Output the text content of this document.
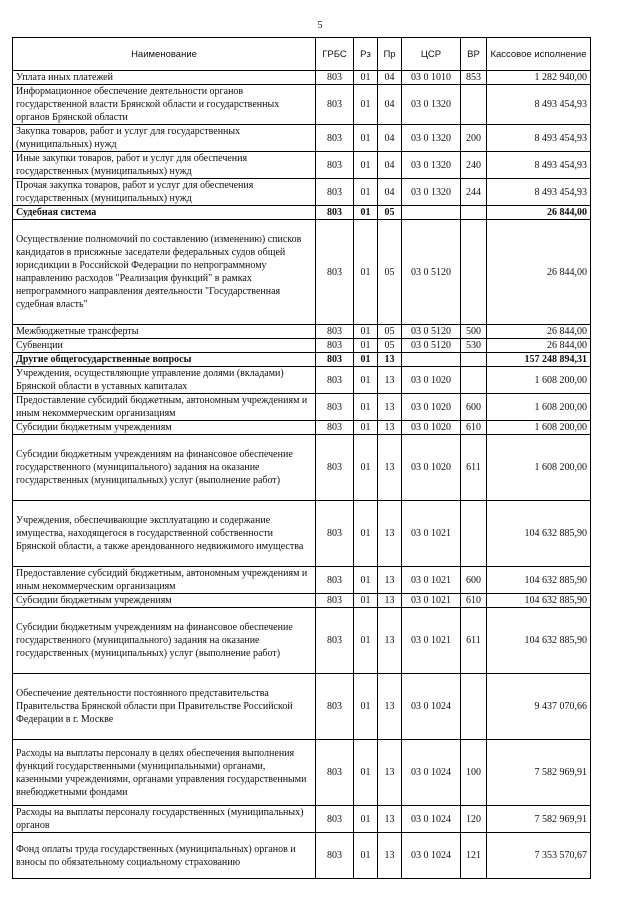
5
Наименование	ГРБС	Рз	Пр	ЦСР	ВР	Кассовое исполнение
Уплата иных платежей	803	01	04	03 0 1010	853	1 282 940,00
Информационное обеспечение деятельности органов государственной власти Брянской области и государственных органов Брянской области	803	01	04	03 0 1320		8 493 454,93
Закупка товаров, работ и услуг для государственных (муниципальных) нужд	803	01	04	03 0 1320	200	8 493 454,93
Иные закупки товаров, работ и услуг для обеспечения государственных (муниципальных) нужд	803	01	04	03 0 1320	240	8 493 454,93
Прочая закупка товаров, работ и услуг для обеспечения государственных (муниципальных) нужд	803	01	04	03 0 1320	244	8 493 454,93
Судебная система	803	01	05			26 844,00
Осуществление полномочий по составлению (изменению) списков кандидатов в присяжные заседатели федеральных судов общей юрисдикции в Российской Федерации по непрограммному направлению расходов "Реализация функций" в рамках непрограммного направления деятельности "Государственная судебная власть"	803	01	05	03 0 5120		26 844,00
Межбюджетные трансферты	803	01	05	03 0 5120	500	26 844,00
Субвенции	803	01	05	03 0 5120	530	26 844,00
Другие общегосударственные вопросы	803	01	13			157 248 894,31
Учреждения, осуществляющие управление долями (вкладами) Брянской области в уставных капиталах	803	01	13	03 0 1020		1 608 200,00
Предоставление субсидий бюджетным, автономным учреждениям и иным некоммерческим организациям	803	01	13	03 0 1020	600	1 608 200,00
Субсидии бюджетным учреждениям	803	01	13	03 0 1020	610	1 608 200,00
Субсидии бюджетным учреждениям на финансовое обеспечение государственного (муниципального) задания на оказание государственных (муниципальных) услуг (выполнение работ)	803	01	13	03 0 1020	611	1 608 200,00
Учреждения, обеспечивающие эксплуатацию и содержание имущества, находящегося в государственной собственности Брянской области, а также арендованного недвижимого имущества	803	01	13	03 0 1021		104 632 885,90
Предоставление субсидий бюджетным, автономным учреждениям и иным некоммерческим организациям	803	01	13	03 0 1021	600	104 632 885,90
Субсидии бюджетным учреждениям	803	01	13	03 0 1021	610	104 632 885,90
Субсидии бюджетным учреждениям на финансовое обеспечение государственного (муниципального) задания на оказание государственных (муниципальных) услуг (выполнение работ)	803	01	13	03 0 1021	611	104 632 885,90
Обеспечение деятельности постоянного представительства Правительства Брянской области при Правительстве Российской Федерации в г. Москве	803	01	13	03 0 1024		9 437 070,66
Расходы на выплаты персоналу в целях обеспечения выполнения функций государственными (муниципальными) органами, казенными учреждениями, органами управления государственными внебюджетными фондами	803	01	13	03 0 1024	100	7 582 969,91
Расходы на выплаты персоналу государственных (муниципальных) органов	803	01	13	03 0 1024	120	7 582 969,91
Фонд оплаты труда государственных (муниципальных) органов и взносы по обязательному социальному страхованию	803	01	13	03 0 1024	121	7 353 570,67
